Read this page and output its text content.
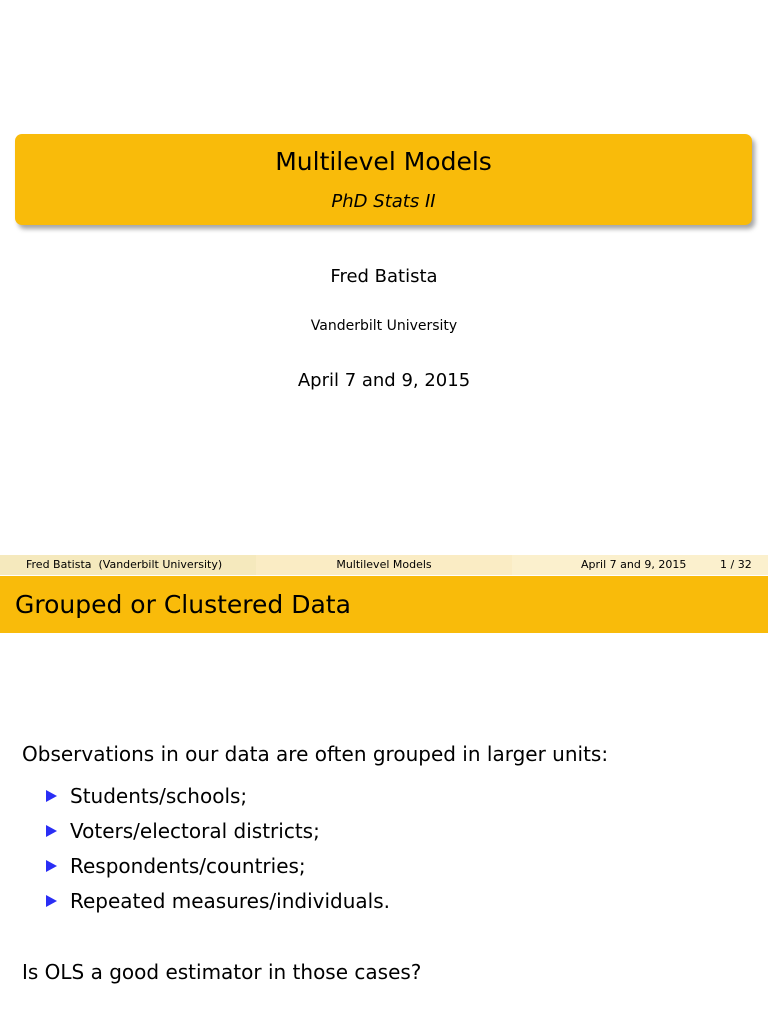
Multilevel Models
PhD Stats II
Fred Batista
Vanderbilt University
April 7 and 9, 2015
Fred Batista  (Vanderbilt University)	Multilevel Models	April 7 and 9, 2015	1 / 32
Grouped or Clustered Data
Observations in our data are often grouped in larger units:
Students/schools;
Voters/electoral districts;
Respondents/countries;
Repeated measures/individuals.
Is OLS a good estimator in those cases?
